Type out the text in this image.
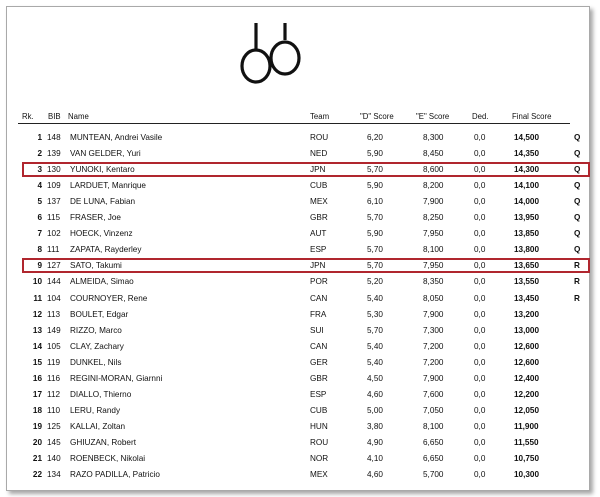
Rk. BIB Name	Team	"D" Score	"E" Score	Ded.	Final Score
1 148 MUNTEAN, Andrei Vasile	ROU	6,20	8,300	0,0	14,500	Q
2 139 VAN GELDER, Yuri	NED	5,90	8,450	0,0	14,350	Q
3 130 YUNOKI, Kentaro	JPN	5,70	8,600	0,0	14,300	Q
4 109 LARDUET, Manrique	CUB	5,90	8,200	0,0	14,100	Q
5 137 DE LUNA, Fabian	MEX	6,10	7,900	0,0	14,000	Q
6 115 FRASER, Joe	GBR	5,70	8,250	0,0	13,950	Q
7 102 HOECK, Vinzenz	AUT	5,90	7,950	0,0	13,850	Q
8 111 ZAPATA, Rayderley	ESP	5,70	8,100	0,0	13,800	Q
9 127 SATO, Takumi	JPN	5,70	7,950	0,0	13,650	R
10 144 ALMEIDA, Simao	POR	5,20	8,350	0,0	13,550	R
11 104 COURNOYER, Rene	CAN	5,40	8,050	0,0	13,450	R
12 113 BOULET, Edgar	FRA	5,30	7,900	0,0	13,200
13 149 RIZZO, Marco	SUI	5,70	7,300	0,0	13,000
14 105 CLAY, Zachary	CAN	5,40	7,200	0,0	12,600
15 119 DUNKEL, Nils	GER	5,40	7,200	0,0	12,600
16 116 REGINI-MORAN, Giarnni	GBR	4,50	7,900	0,0	12,400
17 112 DIALLO, Thierno	ESP	4,60	7,600	0,0	12,200
18 110 LERU, Randy	CUB	5,00	7,050	0,0	12,050
19 125 KALLAI, Zoltan	HUN	3,80	8,100	0,0	11,900
20 145 GHIUZAN, Robert	ROU	4,90	6,650	0,0	11,550
21 140 ROENBECK, Nikolai	NOR	4,10	6,650	0,0	10,750
22 134 RAZO PADILLA, Patricio	MEX	4,60	5,700	0,0	10,300
